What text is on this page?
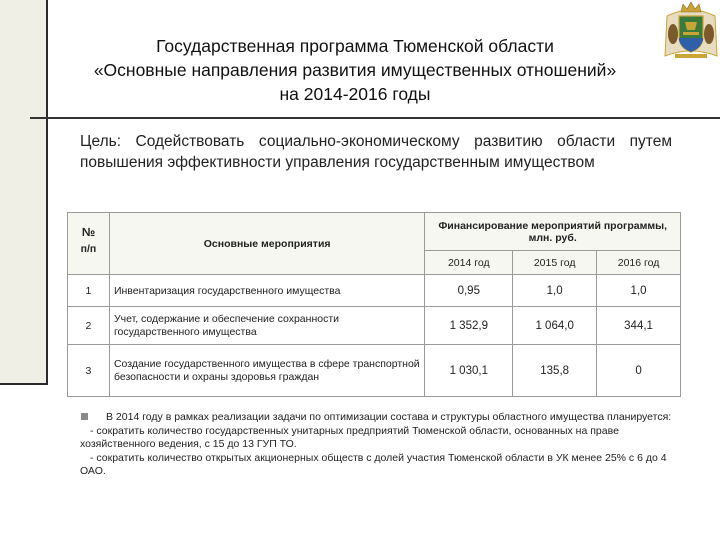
Государственная программа Тюменской области
«Основные направления развития имущественных отношений»
на 2014-2016 годы
Цель: Содействовать социально-экономическому развитию области путем повышения эффективности управления государственным имуществом
№
п/п	Основные мероприятия	Финансирование мероприятий программы, млн. руб.		
		2014 год	2015 год	2016 год
1	Инвентаризация государственного имущества	0,95	1,0	1,0
2	Учет, содержание и обеспечение сохранности государственного имущества	1 352,9	1 064,0	344,1
3	Создание государственного имущества в сфере транспортной безопасности и охраны здоровья граждан	1 030,1	135,8	0
В 2014 году в рамках реализации задачи по оптимизации состава и структуры областного имущества планируется:
- сократить количество государственных унитарных предприятий Тюменской области, основанных на праве хозяйственного ведения, с 15 до 13 ГУП ТО.
- сократить количество открытых акционерных обществ с долей участия Тюменской области в УК менее 25% с 6 до 4 ОАО.
